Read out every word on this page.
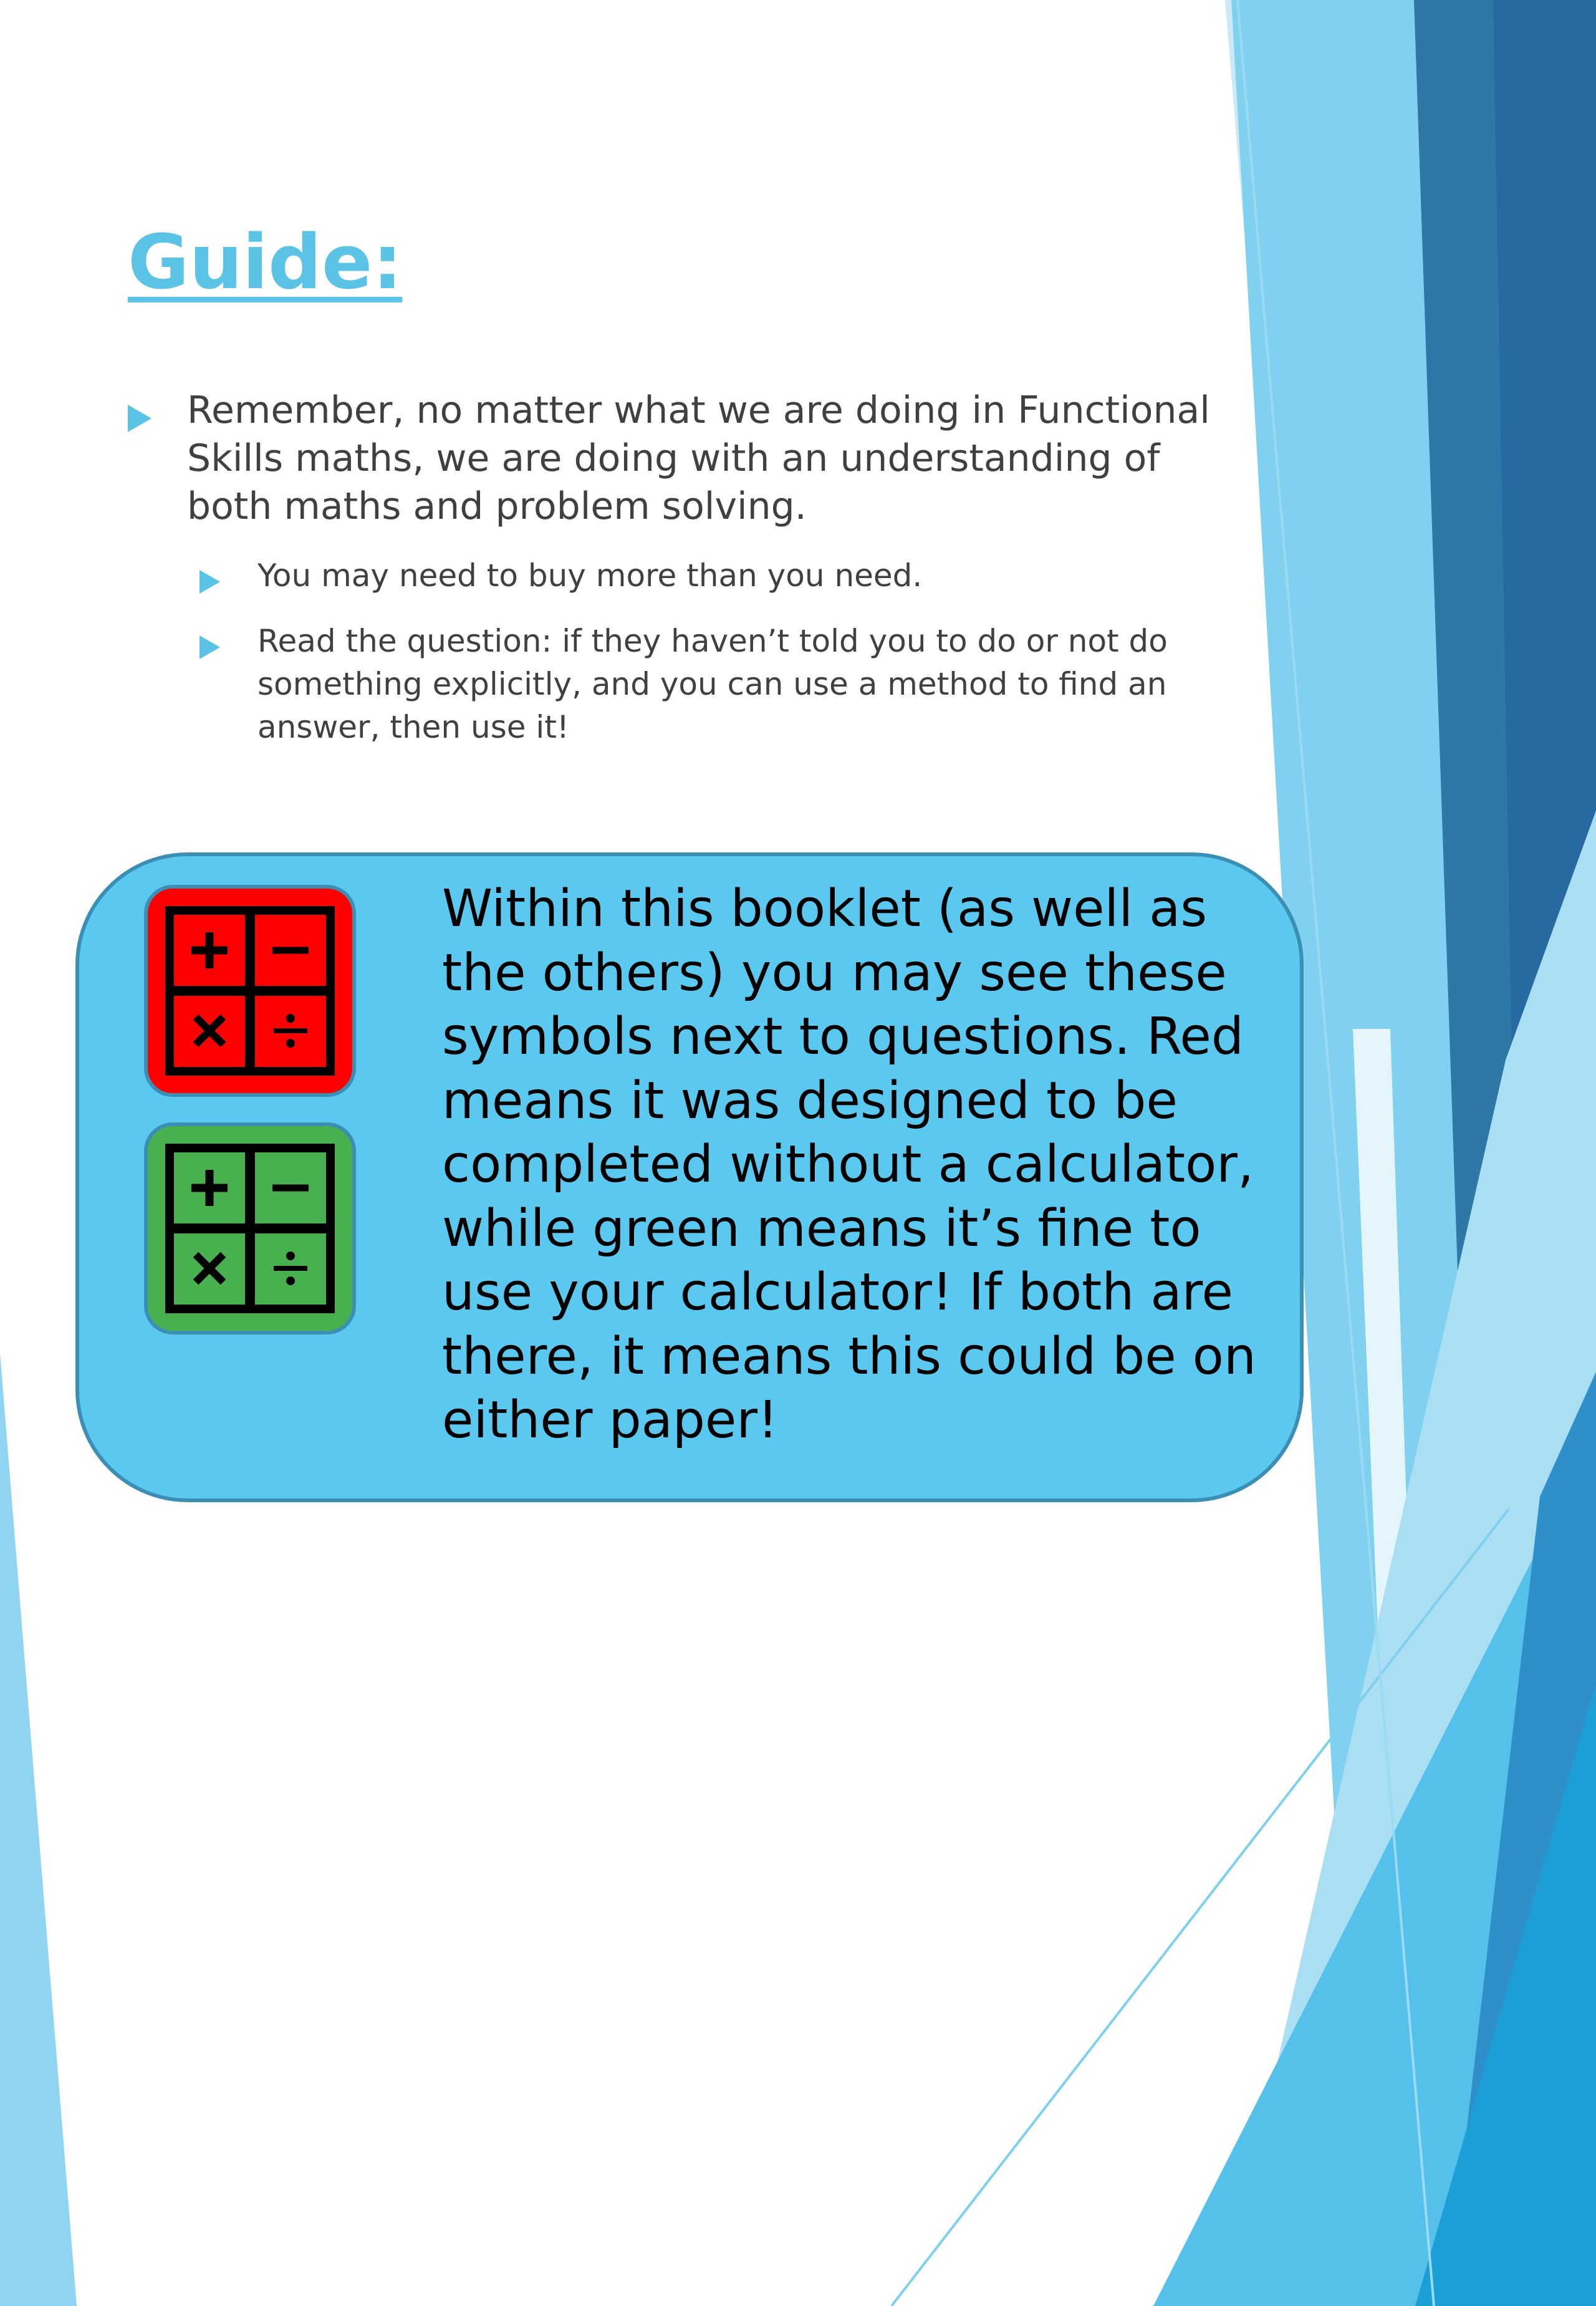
Guide:
Remember, no matter what we are doing in Functional Skills maths, we are doing with an understanding of both maths and problem solving.
You may need to buy more than you need.
Read the question: if they haven’t told you to do or not do something explicitly, and you can use a method to find an answer, then use it!

Within this booklet (as well as the others) you may see these symbols next to questions. Red means it was designed to be completed without a calculator, while green means it’s fine to use your calculator! If both are there, it means this could be on either paper!
